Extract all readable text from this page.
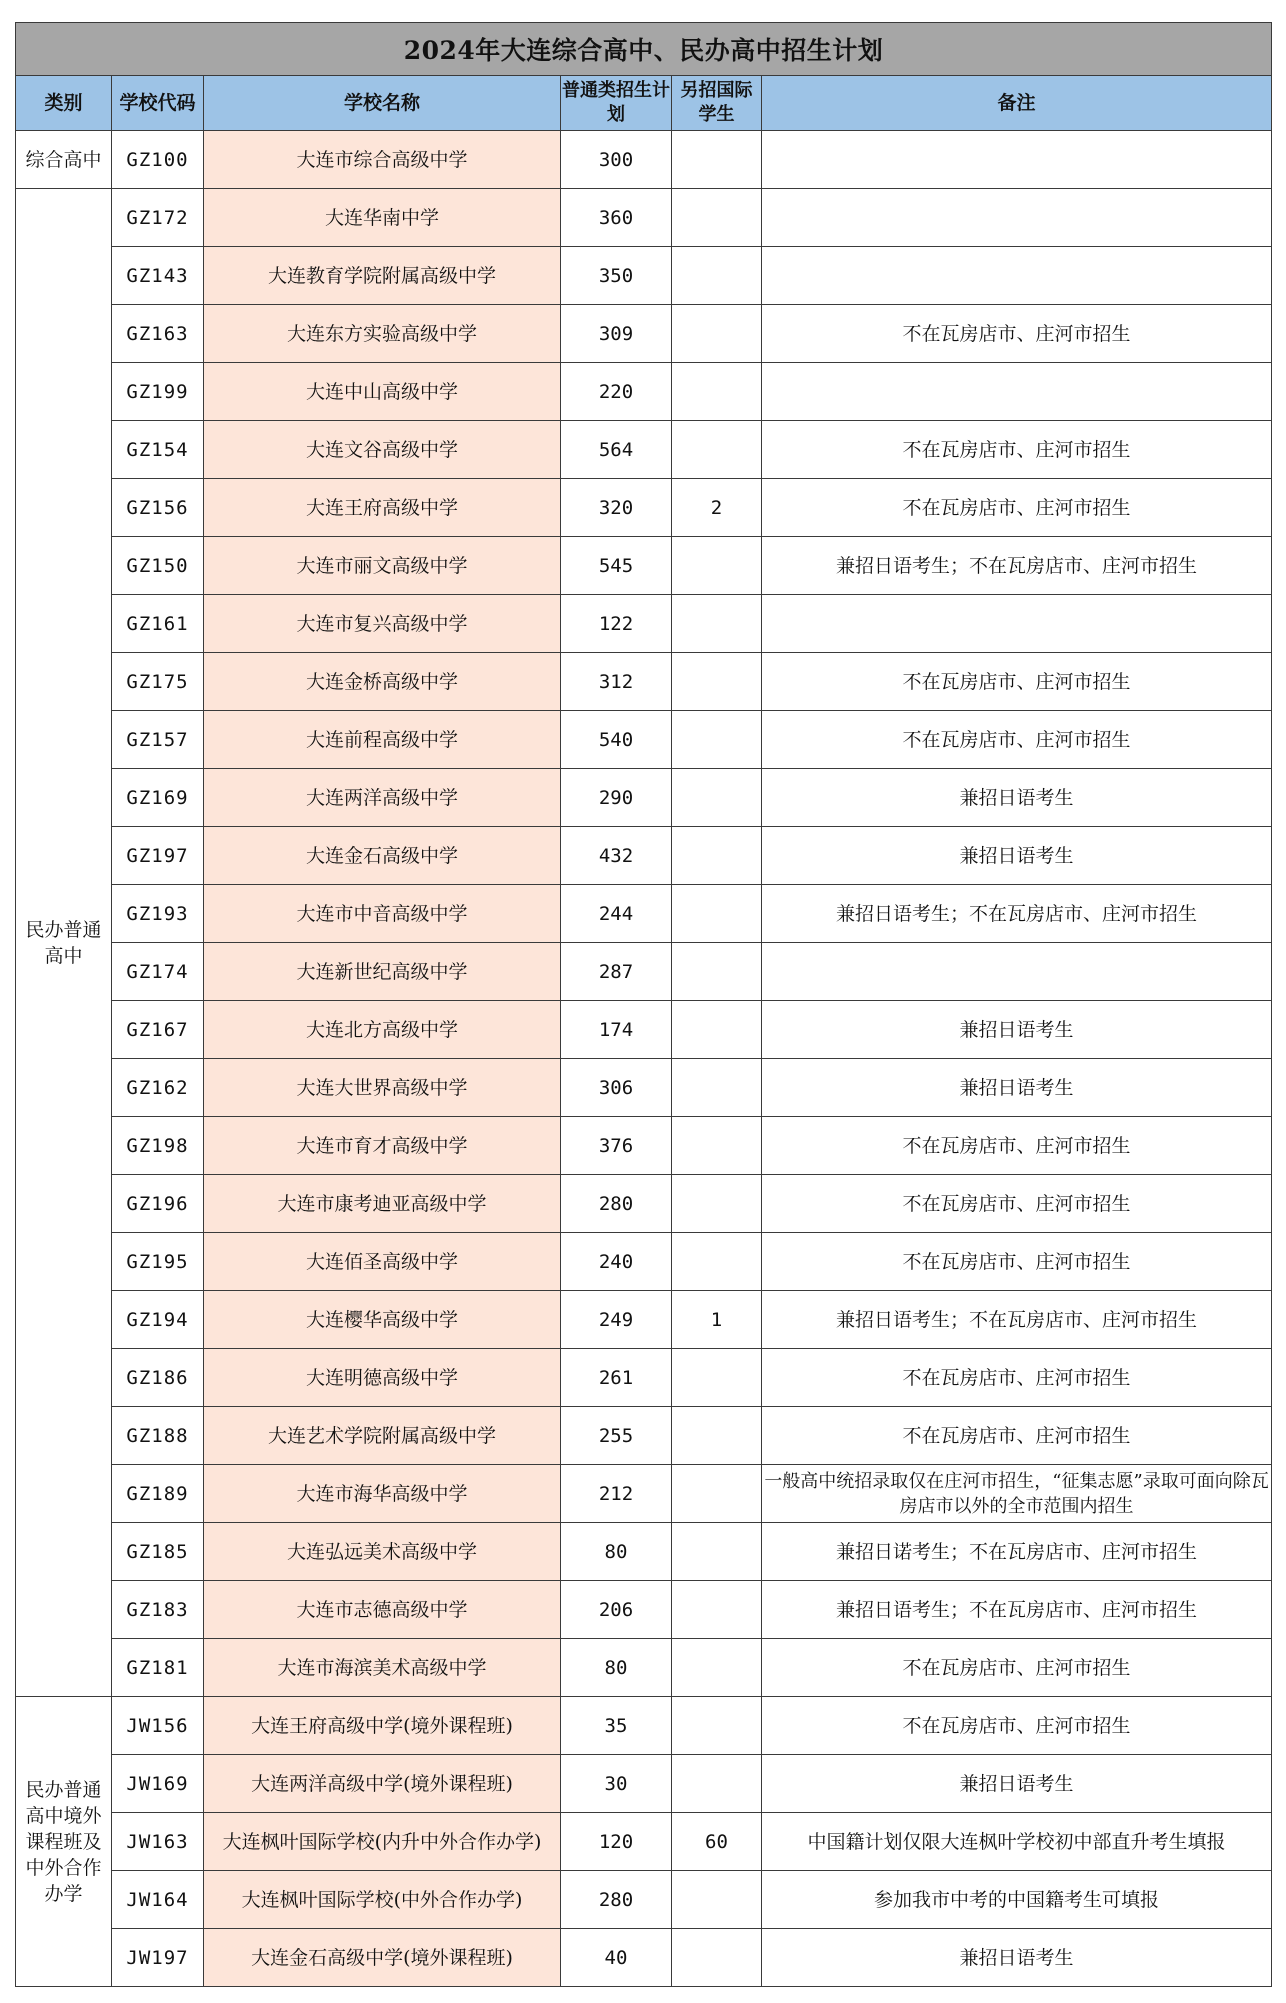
2024年大连综合高中、民办高中招生计划					
类别	学校代码	学校名称	普通类招生计划	另招国际学生	备注
综合高中	GZ100	大连市综合高级中学	300		
民办普通高中	GZ172	大连华南中学	360		
	GZ143	大连教育学院附属高级中学	350		
	GZ163	大连东方实验高级中学	309		不在瓦房店市、庄河市招生
	GZ199	大连中山高级中学	220		
	GZ154	大连文谷高级中学	564		不在瓦房店市、庄河市招生
	GZ156	大连王府高级中学	320	2	不在瓦房店市、庄河市招生
	GZ150	大连市丽文高级中学	545		兼招日语考生；不在瓦房店市、庄河市招生
	GZ161	大连市复兴高级中学	122		
	GZ175	大连金桥高级中学	312		不在瓦房店市、庄河市招生
	GZ157	大连前程高级中学	540		不在瓦房店市、庄河市招生
	GZ169	大连两洋高级中学	290		兼招日语考生
	GZ197	大连金石高级中学	432		兼招日语考生
	GZ193	大连市中音高级中学	244		兼招日语考生；不在瓦房店市、庄河市招生
	GZ174	大连新世纪高级中学	287		
	GZ167	大连北方高级中学	174		兼招日语考生
	GZ162	大连大世界高级中学	306		兼招日语考生
	GZ198	大连市育才高级中学	376		不在瓦房店市、庄河市招生
	GZ196	大连市康考迪亚高级中学	280		不在瓦房店市、庄河市招生
	GZ195	大连佰圣高级中学	240		不在瓦房店市、庄河市招生
	GZ194	大连樱华高级中学	249	1	兼招日语考生；不在瓦房店市、庄河市招生
	GZ186	大连明德高级中学	261		不在瓦房店市、庄河市招生
	GZ188	大连艺术学院附属高级中学	255		不在瓦房店市、庄河市招生
	GZ189	大连市海华高级中学	212		一般高中统招录取仅在庄河市招生，“征集志愿”录取可面向除瓦房店市以外的全市范围内招生
	GZ185	大连弘远美术高级中学	80		兼招日诺考生；不在瓦房店市、庄河市招生
	GZ183	大连市志德高级中学	206		兼招日语考生；不在瓦房店市、庄河市招生
	GZ181	大连市海滨美术高级中学	80		不在瓦房店市、庄河市招生
民办普通高中境外课程班及中外合作办学	JW156	大连王府高级中学(境外课程班)	35		不在瓦房店市、庄河市招生
	JW169	大连两洋高级中学(境外课程班)	30		兼招日语考生
	JW163	大连枫叶国际学校(内升中外合作办学)	120	60	中国籍计划仅限大连枫叶学校初中部直升考生填报
	JW164	大连枫叶国际学校(中外合作办学)	280		参加我市中考的中国籍考生可填报
	JW197	大连金石高级中学(境外课程班)	40		兼招日语考生
